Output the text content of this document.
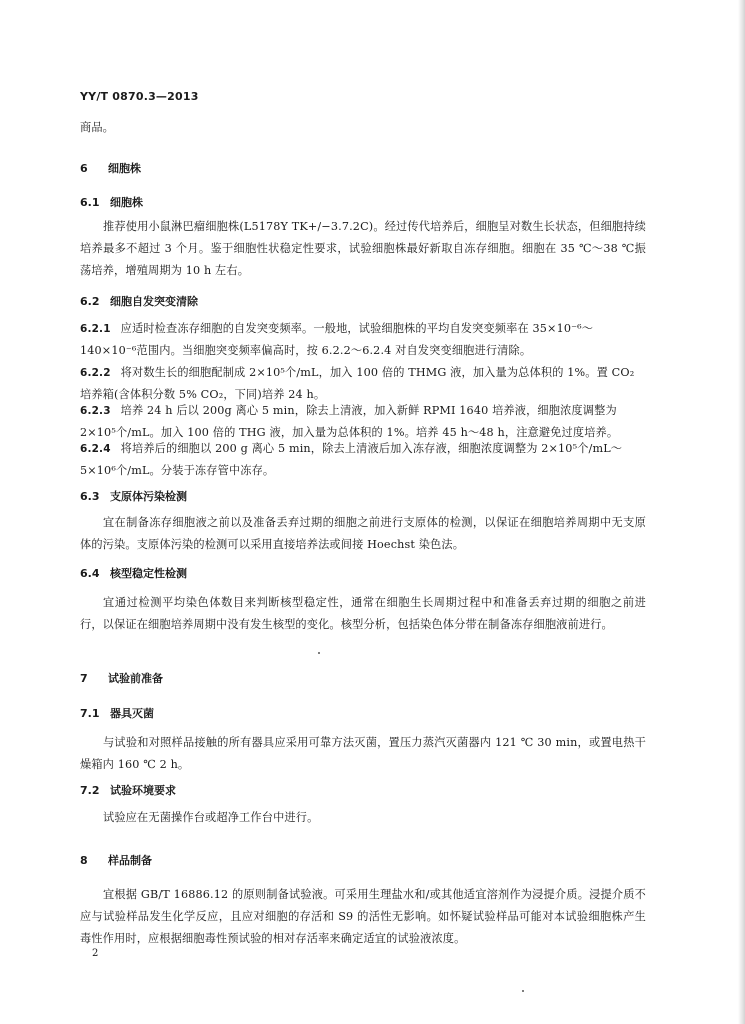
YY/T 0870.3—2013
商品。
6 细胞株
6.1 细胞株
推荐使用小鼠淋巴瘤细胞株(L5178Y TK+/−3.7.2C)。经过传代培养后，细胞呈对数生长状态，但细胞持续培养最多不超过 3 个月。鉴于细胞性状稳定性要求，试验细胞株最好新取自冻存细胞。细胞在 35 ℃～38 ℃振荡培养，增殖周期为 10 h 左右。
6.2 细胞自发突变清除
6.2.1 应适时检查冻存细胞的自发突变频率。一般地，试验细胞株的平均自发突变频率在 35×10⁻⁶～140×10⁻⁶范围内。当细胞突变频率偏高时，按 6.2.2～6.2.4 对自发突变细胞进行清除。
6.2.2 将对数生长的细胞配制成 2×10⁵个/mL，加入 100 倍的 THMG 液，加入量为总体积的 1%。置 CO₂ 培养箱(含体积分数 5% CO₂，下同)培养 24 h。
6.2.3 培养 24 h 后以 200g 离心 5 min，除去上清液，加入新鲜 RPMI 1640 培养液，细胞浓度调整为 2×10⁵个/mL。加入 100 倍的 THG 液，加入量为总体积的 1%。培养 45 h～48 h，注意避免过度培养。
6.2.4 将培养后的细胞以 200 g 离心 5 min，除去上清液后加入冻存液，细胞浓度调整为 2×10⁵个/mL～5×10⁶个/mL。分装于冻存管中冻存。
6.3 支原体污染检测
宜在制备冻存细胞液之前以及准备丢弃过期的细胞之前进行支原体的检测，以保证在细胞培养周期中无支原体的污染。支原体污染的检测可以采用直接培养法或间接 Hoechst 染色法。
6.4 核型稳定性检测
宜通过检测平均染色体数目来判断核型稳定性，通常在细胞生长周期过程中和准备丢弃过期的细胞之前进行，以保证在细胞培养周期中没有发生核型的变化。核型分析，包括染色体分带在制备冻存细胞液前进行。
7 试验前准备
7.1 器具灭菌
与试验和对照样品接触的所有器具应采用可靠方法灭菌，置压力蒸汽灭菌器内 121 ℃ 30 min，或置电热干燥箱内 160 ℃ 2 h。
7.2 试验环境要求
试验应在无菌操作台或超净工作台中进行。
8 样品制备
宜根据 GB/T 16886.12 的原则制备试验液。可采用生理盐水和/或其他适宜溶剂作为浸提介质。浸提介质不应与试验样品发生化学反应，且应对细胞的存活和 S9 的活性无影响。如怀疑试验样品可能对本试验细胞株产生毒性作用时，应根据细胞毒性预试验的相对存活率来确定适宜的试验液浓度。
2
